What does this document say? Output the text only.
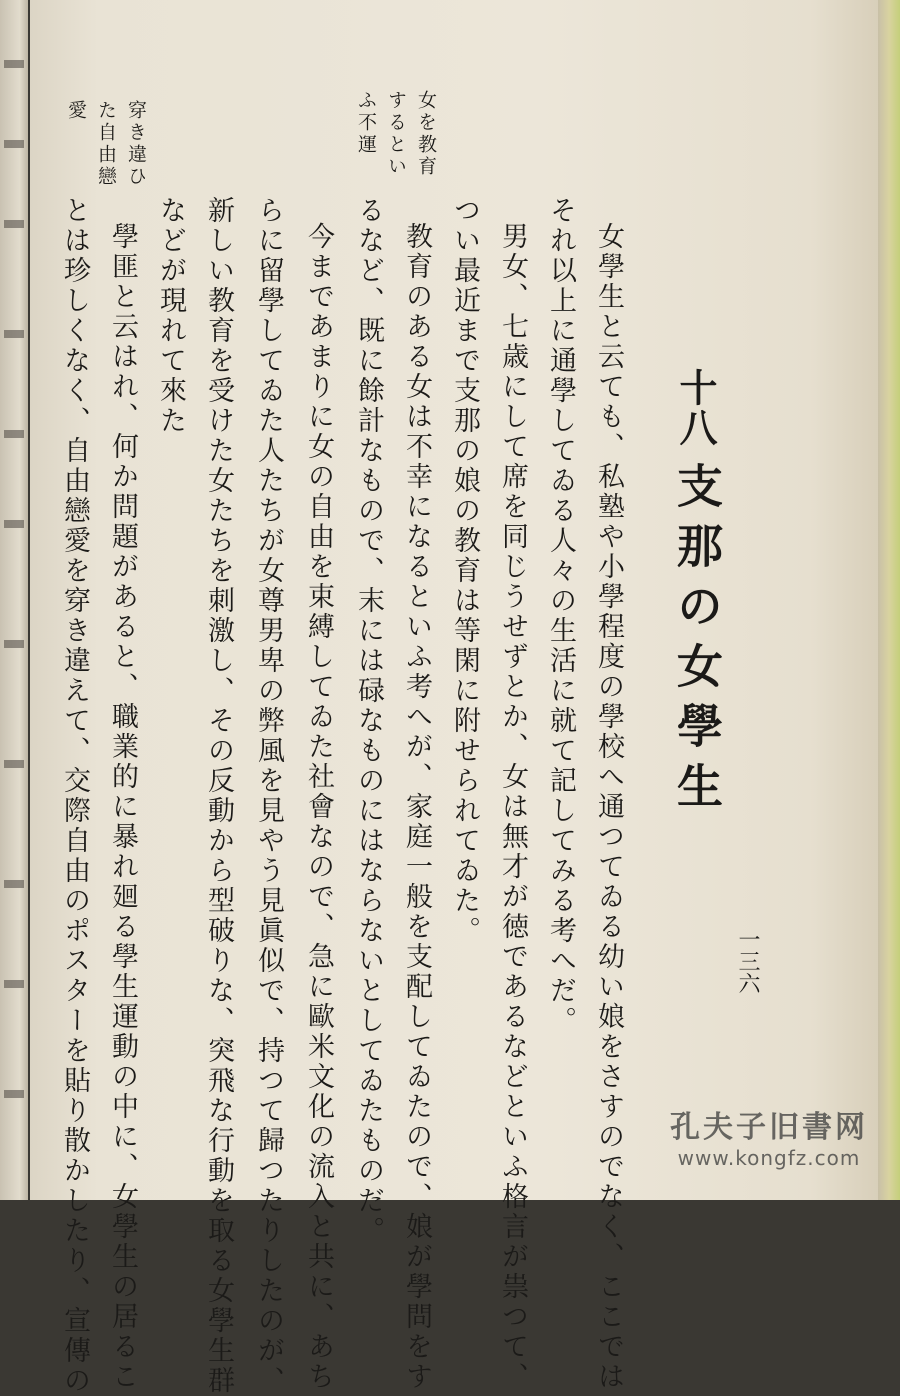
十八
支那の女學生
一三六
女を教育
するとい
ふ不運
穿き違ひ
た自由戀
愛
女學生と云ても、私塾や小學程度の學校へ通つてゐる幼い娘をさすのでなく、ここでは
それ以上に通學してゐる人々の生活に就て記してみる考へだ。
男女、七歳にして席を同じうせずとか、女は無才が徳であるなどといふ格言が祟つて、
つい最近まで支那の娘の教育は等閑に附せられてゐた。
教育のある女は不幸になるといふ考へが、家庭一般を支配してゐたので、娘が學問をす
るなど、既に餘計なもので、末には碌なものにはならないとしてゐたものだ。
今まであまりに女の自由を束縛してゐた社會なので、急に歐米文化の流入と共に、あち
らに留學してゐた人たちが女尊男卑の弊風を見やう見眞似で、持つて歸つたりしたのが、
新しい教育を受けた女たちを刺激し、その反動から型破りな、突飛な行動を取る女學生群
などが現れて來た
學匪と云はれ、何か問題があると、職業的に暴れ廻る學生運動の中に、女學生の居るこ
とは珍しくなく、自由戀愛を穿き違えて、交際自由のポスターを貼り散かしたり、宣傳の	孔夫子旧書网
www.kongfz.com
